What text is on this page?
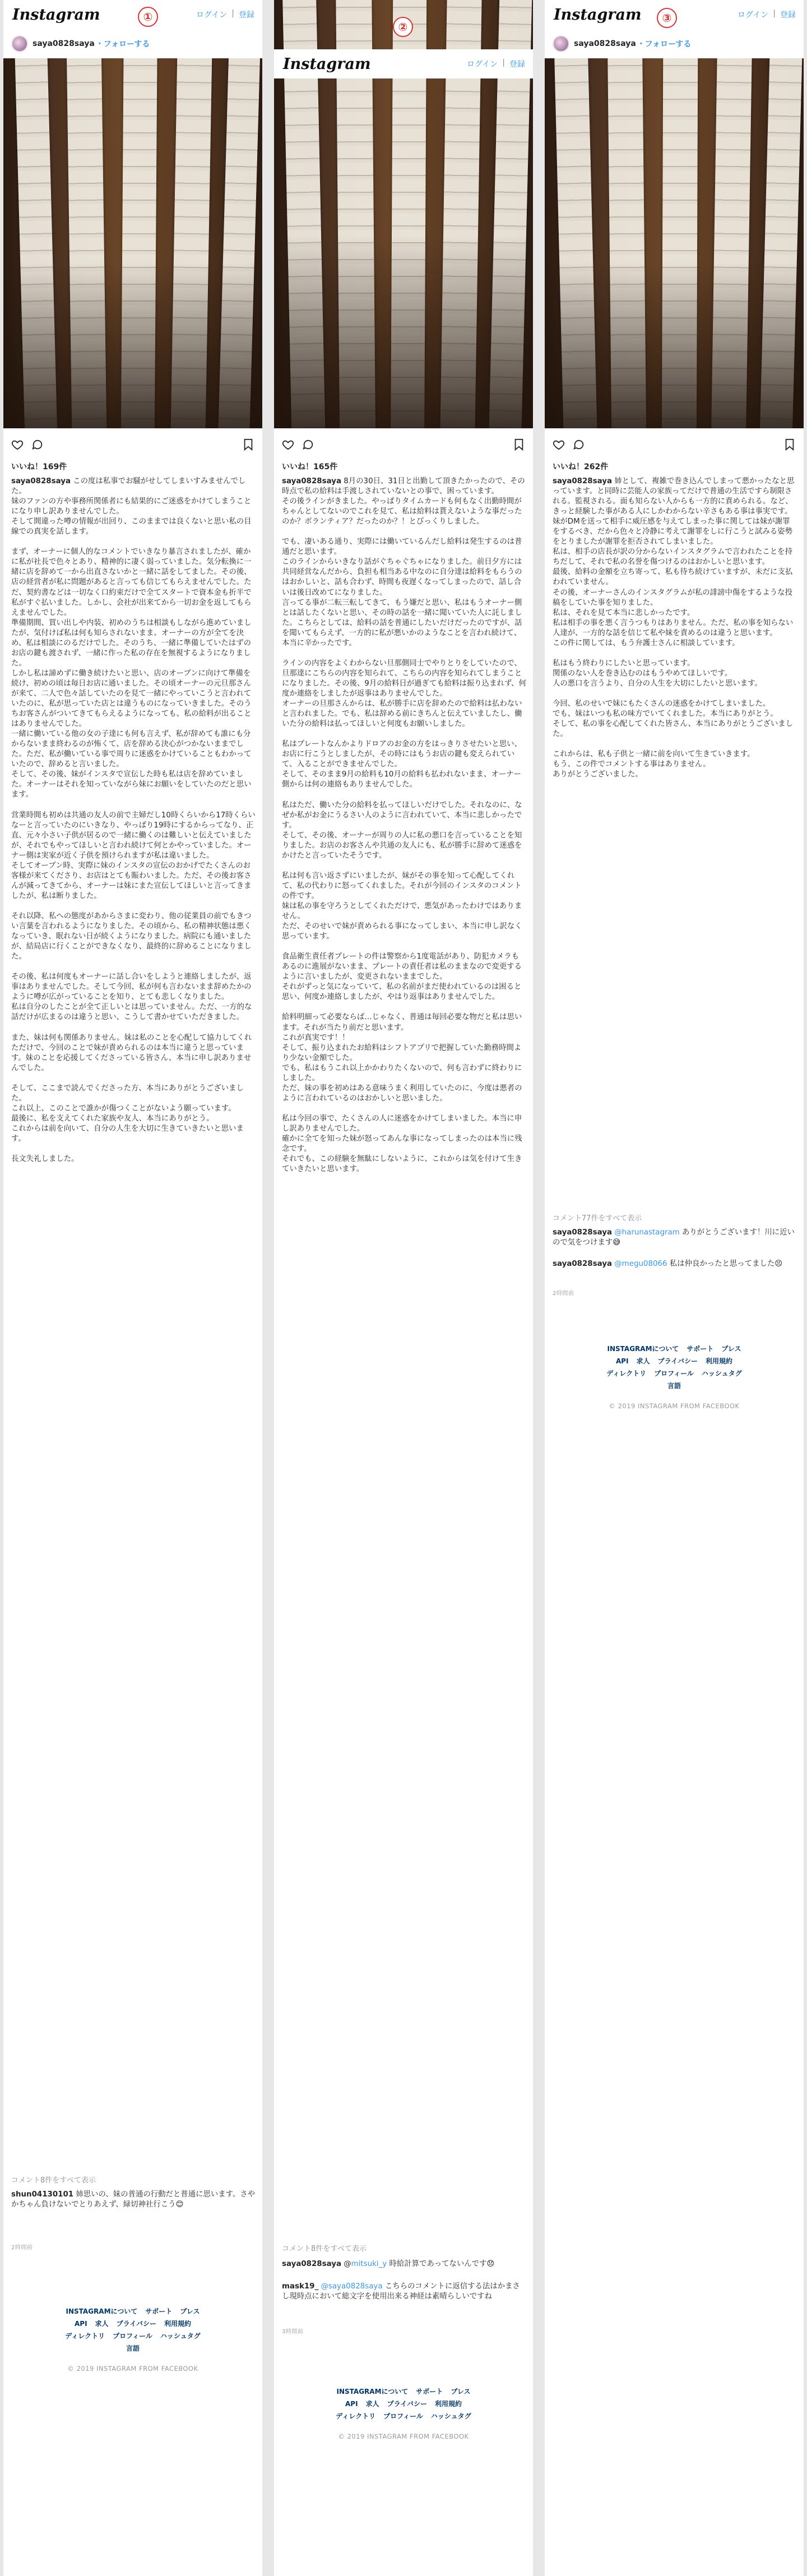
Instagram	ログイン | 登録
①
saya0828saya ・フォローする
いいね！169件
saya0828saya この度は私事でお騒がせしてしまいすみませんでした。
妹のファンの方や事務所関係者にも結果的にご迷惑をかけてしまうことになり申し訳ありませんでした。
そして間違った噂の情報が出回り、このままでは良くないと思い私の目線での真実を話します。

まず、オーナーに個人的なコメントでいきなり暴言されましたが、確かに私が社長で色々とあり、精神的に凄く弱っていました。気分転換に一緒に店を辞めて一から出直さないかと一緒に話をしてました。その後、店の経営者が私に問題があると言っても信じてもらえませんでした。ただ、契約書などは一切なく口約束だけで全てスタートで資本金も折半で私がすぐ払いました。しかし、会社が出来てから一切お金を返してもらえませんでした。
準備期間、買い出しや内装、初めのうちは相談もしながら進めていましたが、気付けば私は何も知らされないまま。オーナーの方が全てを決め、私は相談にのるだけでした。そのうち、一緒に準備していたはずのお店の鍵も渡されず、一緒に作った私の存在を無視するようになりました。
しかし私は諦めずに働き続けたいと思い、店のオープンに向けて準備を続け、初めの頃は毎日お店に通いました。その頃オーナーの元旦那さんが来て、二人で色々話していたのを見て一緒にやっていこうと言われていたのに、私が思っていた店とは違うものになっていきました。そのうちお客さんがついてきてもらえるようになっても、私の給料が出ることはありませんでした。
一緒に働いている他の女の子達にも何も言えず、私が辞めても誰にも分からないまま終わるのが怖くて、店を辞める決心がつかないままでした。ただ、私が働いている事で周りに迷惑をかけていることもわかっていたので、辞めると言いました。
そして、その後、妹がインスタで宣伝した時も私は店を辞めていました。オーナーはそれを知っていながら妹にお願いをしていたのだと思います。

営業時間も初めは共通の友人の前で主婦だし10時くらいから17時くらいなーと言っていたのにいきなり、やっぱり19時にするからってなり、正直、元々小さい子供が居るので一緒に働くのは難しいと伝えていましたが、それでもやってほしいと言われ続けて何とかやっていました。オーナー側は実家が近く子供を預けられますが私は違いました。
そしてオープン時、実際に妹のインスタの宣伝のおかげでたくさんのお客様が来てくださり、お店はとても賑わいました。ただ、その後お客さんが減ってきてから、オーナーは妹にまた宣伝してほしいと言ってきましたが、私は断りました。

それ以降、私への態度があからさまに変わり、他の従業員の前でもきつい言葉を言われるようになりました。その頃から、私の精神状態は悪くなっていき、眠れない日が続くようになりました。病院にも通いましたが、結局店に行くことができなくなり、最終的に辞めることになりました。

その後、私は何度もオーナーに話し合いをしようと連絡しましたが、返事はありませんでした。そして今回、私が何も言わないまま辞めたかのように噂が広がっていることを知り、とても悲しくなりました。
私は自分のしたことが全て正しいとは思っていません。ただ、一方的な話だけが広まるのは違うと思い、こうして書かせていただきました。

また、妹は何も関係ありません。妹は私のことを心配して協力してくれただけで、今回のことで妹が責められるのは本当に違うと思っています。妹のことを応援してくださっている皆さん、本当に申し訳ありませんでした。

そして、ここまで読んでくださった方、本当にありがとうございました。
これ以上、このことで誰かが傷つくことがないよう願っています。
最後に、私を支えてくれた家族や友人、本当にありがとう。
これからは前を向いて、自分の人生を大切に生きていきたいと思います。

長文失礼しました。
コメント8件をすべて表示
shun04130101 姉思いの、妹の普通の行動だと普通に思います。さやかちゃん負けないでとりあえず、緑切神社行こう😊
2時間前
INSTAGRAMについて サポート プレス
API 求人 プライバシー 利用規約
ディレクトリ プロフィール ハッシュタグ
言語
© 2019 INSTAGRAM FROM FACEBOOK
Instagram	ログイン | 登録
②
いいね！165件
saya0828saya 8月の30日、31日と出勤して頂きたかったので、その時点で私の給料は手渡しされていないとの事で、困っています。
その後ラインがきました。やっぱりタイムカードも何もなく出勤時間がちゃんとしてないのでこれを見て、私は給料は貰えないような事だったのか？ボランティア？だったのか？！とびっくりしました。

でも、凄いある通り、実際には働いているんだし給料は発生するのは普通だと思います。
このラインからいきなり話がぐちゃぐちゃになりました。前日夕方には共同経営なんだから、負担も相当ある中なのに自分達は給料をもらうのはおかしいと、話も合わず、時間も夜遅くなってしまったので、話し合いは後日改めてになりました。
言ってる事が二転三転してきて、もう嫌だと思い、私はもうオーナー側とは話したくないと思い、その時の話を一緒に聞いていた人に託しました。こちらとしては、給料の話を普通にしたいだけだったのですが、話を聞いてもらえず、一方的に私が悪いかのようなことを言われ続けて、本当に辛かったです。

ラインの内容をよくわからない旦那側同士でやりとりをしていたので、旦那達にこちらの内容を知られて、こちらの内容を知られてしまうことになりました。その後、9月の給料日が過ぎても給料は振り込まれず、何度か連絡をしましたが返事はありませんでした。
オーナーの旦那さんからは、私が勝手に店を辞めたので給料は払わないと言われました。でも、私は辞める前にきちんと伝えていましたし、働いた分の給料は払ってほしいと何度もお願いしました。

私はプレートなんかよりドロアのお金の方をはっきりさせたいと思い、お店に行こうとしましたが、その時にはもうお店の鍵も変えられていて、入ることができませんでした。
そして、そのまま9月の給料も10月の給料も払われないまま、オーナー側からは何の連絡もありませんでした。

私はただ、働いた分の給料を払ってほしいだけでした。それなのに、なぜか私がお金にうるさい人のように言われていて、本当に悲しかったです。
そして、その後、オーナーが周りの人に私の悪口を言っていることを知りました。お店のお客さんや共通の友人にも、私が勝手に辞めて迷惑をかけたと言っていたそうです。

私は何も言い返さずにいましたが、妹がその事を知って心配してくれて、私の代わりに怒ってくれました。それが今回のインスタのコメントの件です。
妹は私の事を守ろうとしてくれただけで、悪気があったわけではありません。
ただ、そのせいで妹が責められる事になってしまい、本当に申し訳なく思っています。

食品衛生責任者プレートの件は警察から1度電話があり、防犯カメラもあるのに進展がないまま、プレートの責任者は私のままなので変更するように言いましたが、変更されないままでした。
それがずっと気になっていて、私の名前がまだ使われているのは困ると思い、何度か連絡しましたが、やはり返事はありませんでした。

給料明細って必要ならば…じゃなく、普通は毎回必要な物だと私は思います。それが当たり前だと思います。
これが真実です！！
そして、振り込まれたお給料はシフトアプリで把握していた勤務時間より少ない金額でした。
でも、私はもうこれ以上かかわりたくないので、何も言わずに終わりにしました。
ただ、妹の事を初めはある意味うまく利用していたのに、今度は悪者のように言われているのはおかしいと思いました。

私は今回の事で、たくさんの人に迷惑をかけてしまいました。本当に申し訳ありませんでした。
確かに全てを知った妹が怒ってあんな事になってしまったのは本当に残念です。
それでも、この経験を無駄にしないように、これからは気を付けて生きていきたいと思います。
コメント8件をすべて表示
saya0828saya @mitsuki_y 時給計算であってないんです😞
mask19_ @saya0828saya こちらのコメントに返信する法はかまさし現時点において総文字を使用出来る神経は素晴らしいですね
3時間前
INSTAGRAMについて サポート プレス
API 求人 プライバシー 利用規約
ディレクトリ プロフィール ハッシュタグ
© 2019 INSTAGRAM FROM FACEBOOK
Instagram	ログイン | 登録
③
saya0828saya ・フォローする
いいね！262件
saya0828saya 姉として、複雑で巻き込んでしまって悪かったなと思っています。と同時に芸能人の家族ってだけで普通の生活ですら制限される。監視される。面も知らない人からも一方的に責められる。など、きっと経験した事がある人にしかわからない辛さもある事は事実です。
妹がDMを送って相手に威圧感を与えてしまった事に関しては妹が謝罪をするべき、だから色々と冷静に考えて謝罪をしに行こうと試みる姿勢をとりましたが謝罪を拒否されてしまいました。
私は、相手の店長が訳の分からないインスタグラムで言われたことを持ちだして、それで私の名誉を傷つけるのはおかしいと思います。
最後、給料の金額を立ち寄って、私も待ち続けていますが、未だに支払われていません。
その後、オーナーさんのインスタグラムが私の誹謗中傷をするような投稿をしていた事を知りました。
私は、それを見て本当に悲しかったです。
私は相手の事を悪く言うつもりはありません。ただ、私の事を知らない人達が、一方的な話を信じて私や妹を責めるのは違うと思います。
この件に関しては、もう弁護士さんに相談しています。

私はもう終わりにしたいと思っています。
関係のない人を巻き込むのはもうやめてほしいです。
人の悪口を言うより、自分の人生を大切にしたいと思います。

今回、私のせいで妹にもたくさんの迷惑をかけてしまいました。
でも、妹はいつも私の味方でいてくれました。本当にありがとう。
そして、私の事を心配してくれた皆さん、本当にありがとうございました。

これからは、私も子供と一緒に前を向いて生きていきます。
もう、この件でコメントする事はありません。
ありがとうございました。
コメント77件をすべて表示
saya0828saya @harunastagram ありがとうございます！川に近いので気をつけます😅
saya0828saya @megu08066 私は仲良かったと思ってました😣
2時間前
INSTAGRAMについて サポート プレス
API 求人 プライバシー 利用規約
ディレクトリ プロフィール ハッシュタグ
言語
© 2019 INSTAGRAM FROM FACEBOOK
